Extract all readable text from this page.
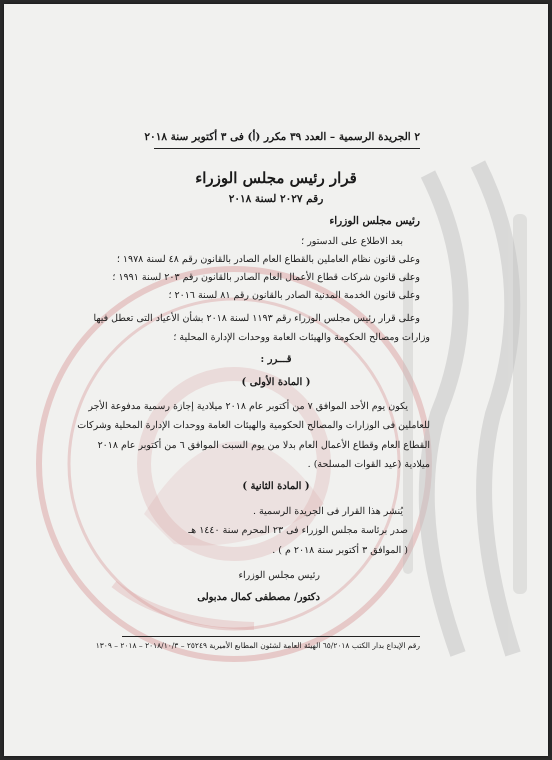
٢ الجريدة الرسمية – العدد ٣٩ مكرر (أ) فى ٣ أكتوبر سنة ٢٠١٨
قرار رئيس مجلس الوزراء
رقم ٢٠٢٧ لسنة ٢٠١٨
رئيس مجلس الوزراء
بعد الاطلاع على الدستور ؛
وعلى قانون نظام العاملين بالقطاع العام الصادر بالقانون رقم ٤٨ لسنة ١٩٧٨ ؛
وعلى قانون شركات قطاع الأعمال العام الصادر بالقانون رقم ٢٠٣ لسنة ١٩٩١ ؛
وعلى قانون الخدمة المدنية الصادر بالقانون رقم ٨١ لسنة ٢٠١٦ ؛
وعلى قرار رئيس مجلس الوزراء رقم ١١٩٣ لسنة ٢٠١٨ بشأن الأعياد التى تعطل فيها
وزارات ومصالح الحكومة والهيئات العامة ووحدات الإدارة المحلية ؛
قـــرر :
( المادة الأولى )
يكون يوم الأحد الموافق ٧ من أكتوبر عام ٢٠١٨ ميلادية إجازة رسمية مدفوعة الأجر
للعاملين فى الوزارات والمصالح الحكومية والهيئات العامة ووحدات الإدارة المحلية وشركات
القطاع العام وقطاع الأعمال العام بدلا من يوم السبت الموافق ٦ من أكتوبر عام ٢٠١٨
ميلادية (عيد القوات المسلحة) .
( المادة الثانية )
يُنشر هذا القرار فى الجريدة الرسمية .
صدر برئاسة مجلس الوزراء فى ٢٣ المحرم سنة ١٤٤٠ هـ
( الموافق ٣ أكتوبر سنة ٢٠١٨ م ) .
رئيس مجلس الوزراء
دكتور/ مصطفى كمال مدبولى
رقم الإيداع بدار الكتب ٦٥/٢٠١٨ الهيئة العامة لشئون المطابع الأميرية ٢٥٢٤٩ – ٢٠١٨/١٠/٣ – ٢٠١٨ – ١٣٠٩
